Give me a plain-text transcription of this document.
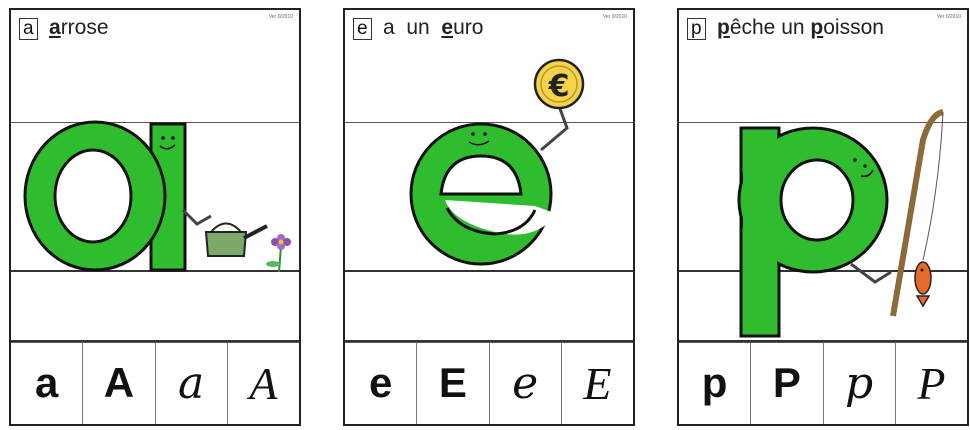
a arrose	Ver 0/2010
a	A a A
e a  un  euro	Ver 0/2010
€
e	E	e E
p pêche un poisson	Ver 0/2010
p	P	p P
